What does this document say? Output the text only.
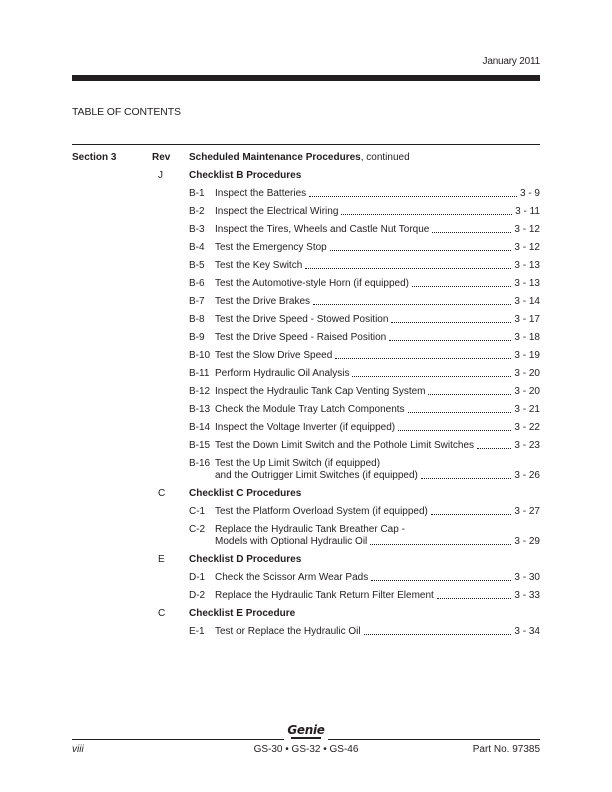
January 2011
TABLE OF CONTENTS
Section 3	Rev Scheduled Maintenance Procedures, continued
J	Checklist B Procedures
B-1 Inspect the Batteries	3 - 9
B-2 Inspect the Electrical Wiring	3 - 11
B-3 Inspect the Tires, Wheels and Castle Nut Torque	3 - 12
B-4 Test the Emergency Stop	3 - 12
B-5 Test the Key Switch	3 - 13
B-6 Test the Automotive-style Horn (if equipped)	3 - 13
B-7 Test the Drive Brakes	3 - 14
B-8 Test the Drive Speed - Stowed Position	3 - 17
B-9 Test the Drive Speed - Raised Position	3 - 18
B-10 Test the Slow Drive Speed	3 - 19
B-11 Perform Hydraulic Oil Analysis	3 - 20
B-12 Inspect the Hydraulic Tank Cap Venting System	3 - 20
B-13 Check the Module Tray Latch Components	3 - 21
B-14 Inspect the Voltage Inverter (if equipped)	3 - 22
B-15 Test the Down Limit Switch and the Pothole Limit Switches	3 - 23
B-16 Test the Up Limit Switch (if equipped)
and the Outrigger Limit Switches (if equipped)	3 - 26
C Checklist C Procedures
C-1 Test the Platform Overload System (if equipped)	3 - 27
C-2 Replace the Hydraulic Tank Breather Cap -
Models with Optional Hydraulic Oil	3 - 29
E Checklist D Procedures
D-1 Check the Scissor Arm Wear Pads	3 - 30
D-2 Replace the Hydraulic Tank Return Filter Element	3 - 33
C Checklist E Procedure
E-1 Test or Replace the Hydraulic Oil	3 - 34
Genie
viii	GS-30 • GS-32 • GS-46	Part No. 97385
